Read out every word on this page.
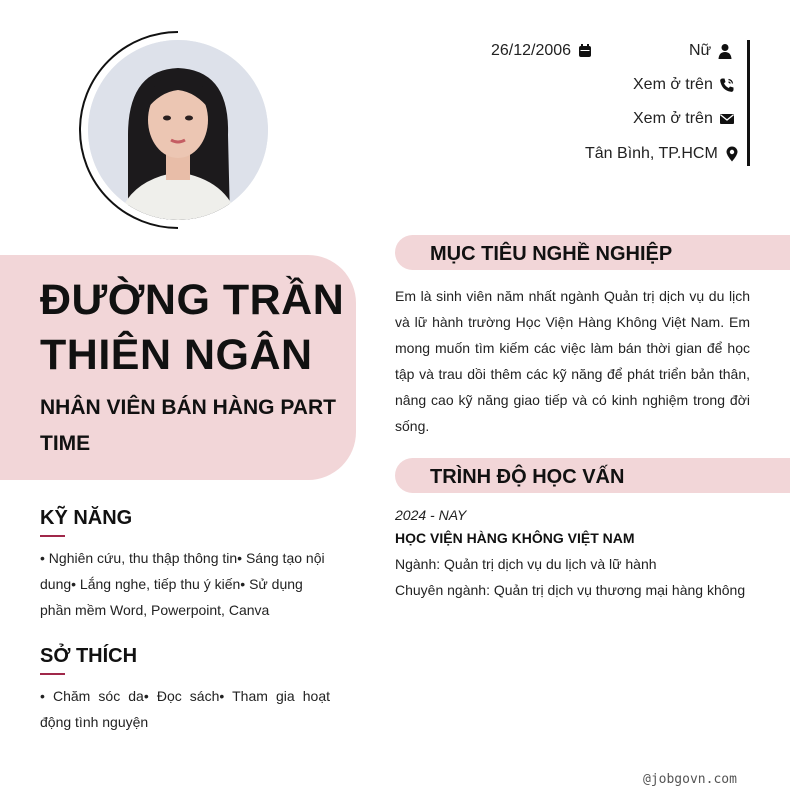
26/12/2006	Nữ
Xem ở trên
Xem ở trên
Tân Bình, TP.HCM
ĐƯỜNG TRẦN
THIÊN NGÂN
NHÂN VIÊN BÁN HÀNG PART TIME
KỸ NĂNG
• Nghiên cứu, thu thập thông tin• Sáng tạo nội dung• Lắng nghe, tiếp thu ý kiến• Sử dụng phần mềm Word, Powerpoint, Canva
SỞ THÍCH
• Chăm sóc da• Đọc sách• Tham gia hoạt động tình nguyện
MỤC TIÊU NGHỀ NGHIỆP
Em là sinh viên năm nhất ngành Quản trị dịch vụ du lịch và lữ hành trường Học Viện Hàng Không Việt Nam. Em mong muốn tìm kiếm các việc làm bán thời gian để học tập và trau dồi thêm các kỹ năng để phát triển bản thân, nâng cao kỹ năng giao tiếp và có kinh nghiệm trong đời sống.
TRÌNH ĐỘ HỌC VẤN
2024 - NAY
HỌC VIỆN HÀNG KHÔNG VIỆT NAM
Ngành: Quản trị dịch vụ du lịch và lữ hành
Chuyên ngành: Quản trị dịch vụ thương mại hàng không
@jobgovn.com
